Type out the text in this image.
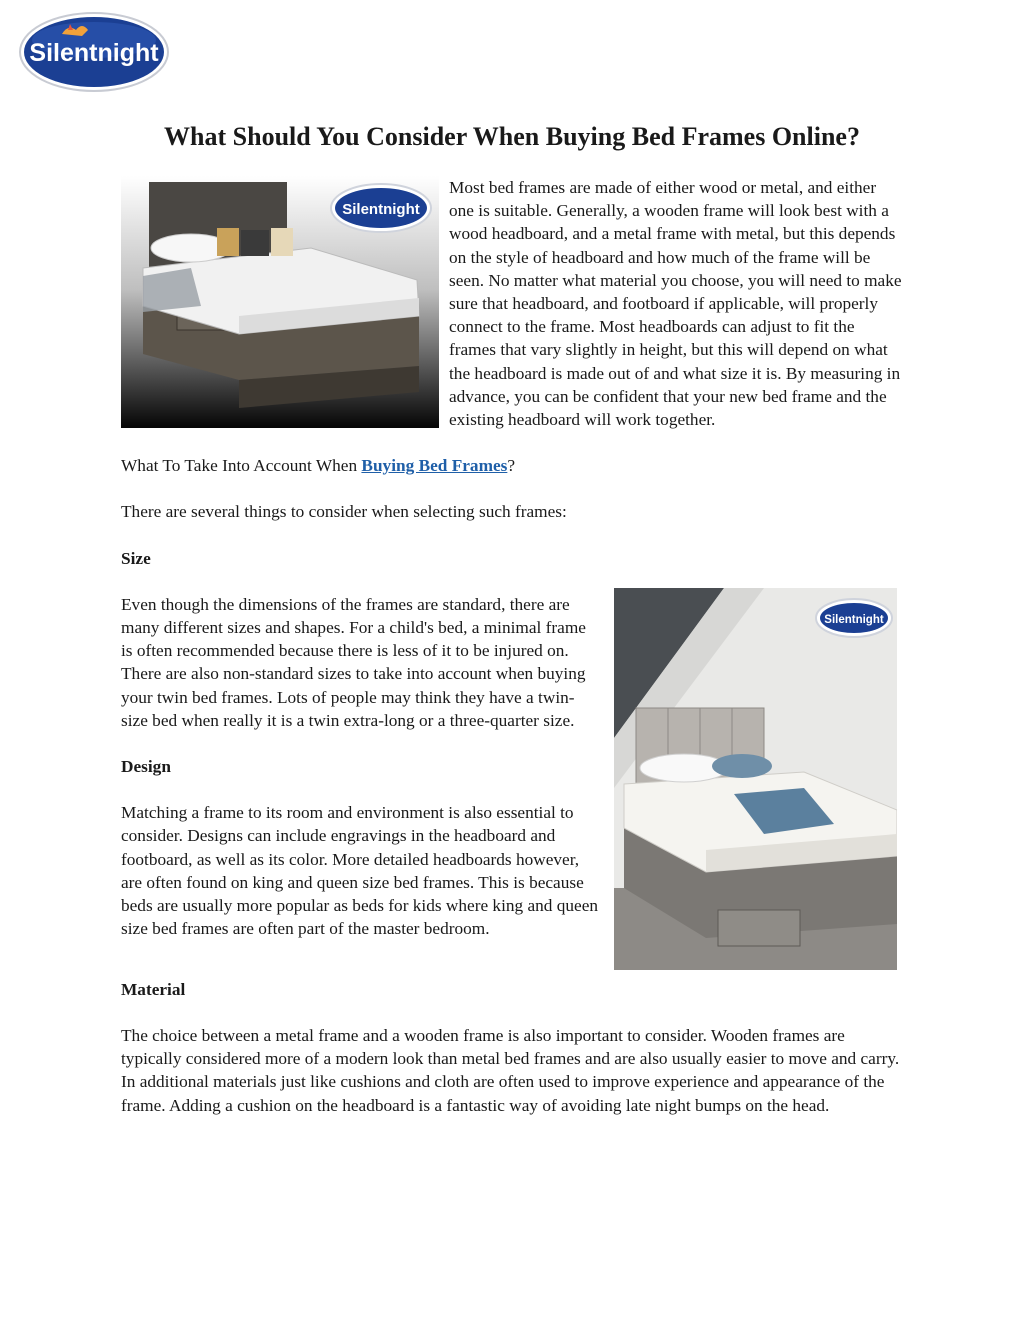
Silentnight
What Should You Consider When Buying Bed Frames Online?
Silentnight

Most bed frames are made of either wood or metal, and either one is suitable. Generally, a wooden frame will look best with a wood headboard, and a metal frame with metal, but this depends on the style of headboard and how much of the frame will be seen. No matter what material you choose, you will need to make sure that headboard, and footboard if applicable, will properly connect to the frame. Most headboards can adjust to fit the frames that vary slightly in height, but this will depend on what the headboard is made out of and what size it is. By measuring in advance, you can be confident that your new bed frame and the existing headboard will work together.

What To Take Into Account When Buying Bed Frames?

There are several things to consider when selecting such frames:

Size

Silentnight

Even though the dimensions of the frames are standard, there are many different sizes and shapes. For a child's bed, a minimal frame is often recommended because there is less of it to be injured on. There are also non-standard sizes to take into account when buying your twin bed frames. Lots of people may think they have a twin-size bed when really it is a twin extra-long or a three-quarter size.

Design

Matching a frame to its room and environment is also essential to consider. Designs can include engravings in the headboard and footboard, as well as its color. More detailed headboards however, are often found on king and queen size bed frames. This is because beds are usually more popular as beds for kids where king and queen size bed frames are often part of the master bedroom.

Material

The choice between a metal frame and a wooden frame is also important to consider. Wooden frames are typically considered more of a modern look than metal bed frames and are also usually easier to move and carry. In additional materials just like cushions and cloth are often used to improve experience and appearance of the frame. Adding a cushion on the headboard is a fantastic way of avoiding late night bumps on the head.
